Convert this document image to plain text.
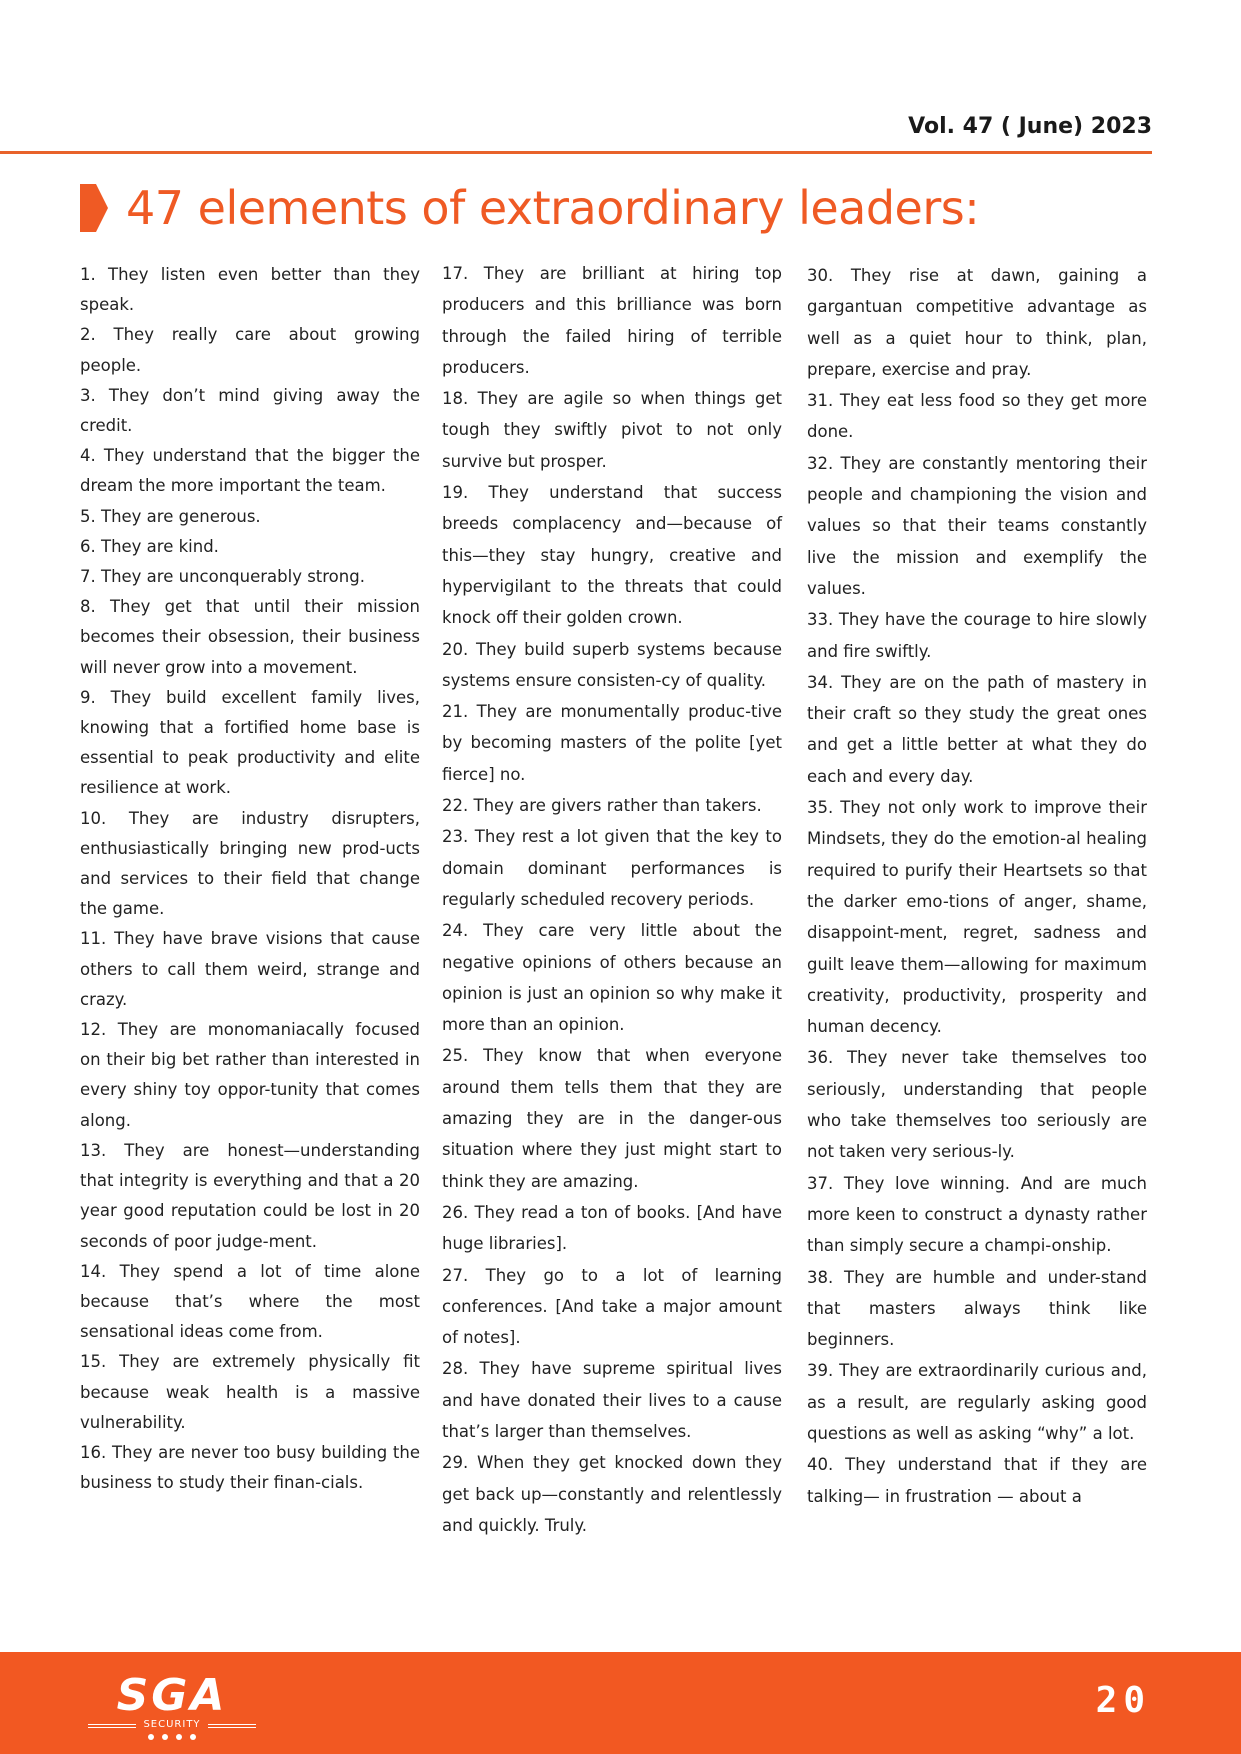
Vol. 47 ( June) 2023
47 elements of extraordinary leaders:
1. They listen even better than they speak.
2. They really care about growing people.
3. They don’t mind giving away the credit.
4. They understand that the bigger the dream the more important the team.
5. They are generous.
6. They are kind.
7. They are unconquerably strong.
8. They get that until their mission becomes their obsession, their business will never grow into a movement.
9. They build excellent family lives, knowing that a fortified home base is essential to peak productivity and elite resilience at work.
10. They are industry disrupters, enthusiastically bringing new prod-ucts and services to their field that change the game.
11. They have brave visions that cause others to call them weird, strange and crazy.
12. They are monomaniacally focused on their big bet rather than interested in every shiny toy oppor-tunity that comes along.
13. They are honest—understanding that integrity is everything and that a 20 year good reputation could be lost in 20 seconds of poor judge-ment.
14. They spend a lot of time alone because that’s where the most sensational ideas come from.
15. They are extremely physically fit because weak health is a massive vulnerability.
16. They are never too busy building the business to study their finan-cials.
17. They are brilliant at hiring top producers and this brilliance was born through the failed hiring of terrible producers.
18. They are agile so when things get tough they swiftly pivot to not only survive but prosper.
19. They understand that success breeds complacency and—because of this—they stay hungry, creative and hypervigilant to the threats that could knock off their golden crown.
20. They build superb systems because systems ensure consisten-cy of quality.
21. They are monumentally produc-tive by becoming masters of the polite [yet fierce] no.
22. They are givers rather than takers.
23. They rest a lot given that the key to domain dominant performances is regularly scheduled recovery periods.
24. They care very little about the negative opinions of others because an opinion is just an opinion so why make it more than an opinion.
25. They know that when everyone around them tells them that they are amazing they are in the danger-ous situation where they just might start to think they are amazing.
26. They read a ton of books. [And have huge libraries].
27. They go to a lot of learning conferences. [And take a major amount of notes].
28. They have supreme spiritual lives and have donated their lives to a cause that’s larger than themselves.
29. When they get knocked down they get back up—constantly and relentlessly and quickly. Truly.
30. They rise at dawn, gaining a gargantuan competitive advantage as well as a quiet hour to think, plan, prepare, exercise and pray.
31. They eat less food so they get more done.
32. They are constantly mentoring their people and championing the vision and values so that their teams constantly live the mission and exemplify the values.
33. They have the courage to hire slowly and fire swiftly.
34. They are on the path of mastery in their craft so they study the great ones and get a little better at what they do each and every day.
35. They not only work to improve their Mindsets, they do the emotion-al healing required to purify their Heartsets so that the darker emo-tions of anger, shame, disappoint-ment, regret, sadness and guilt leave them—allowing for maximum creativity, productivity, prosperity and human decency.
36. They never take themselves too seriously, understanding that people who take themselves too seriously are not taken very serious-ly.
37. They love winning. And are much more keen to construct a dynasty rather than simply secure a champi-onship.
38. They are humble and under-stand that masters always think like beginners.
39. They are extraordinarily curious and, as a result, are regularly asking good questions as well as asking “why” a lot.
40. They understand that if they are talking— in frustration — about a
SGA
SECURITY

20
